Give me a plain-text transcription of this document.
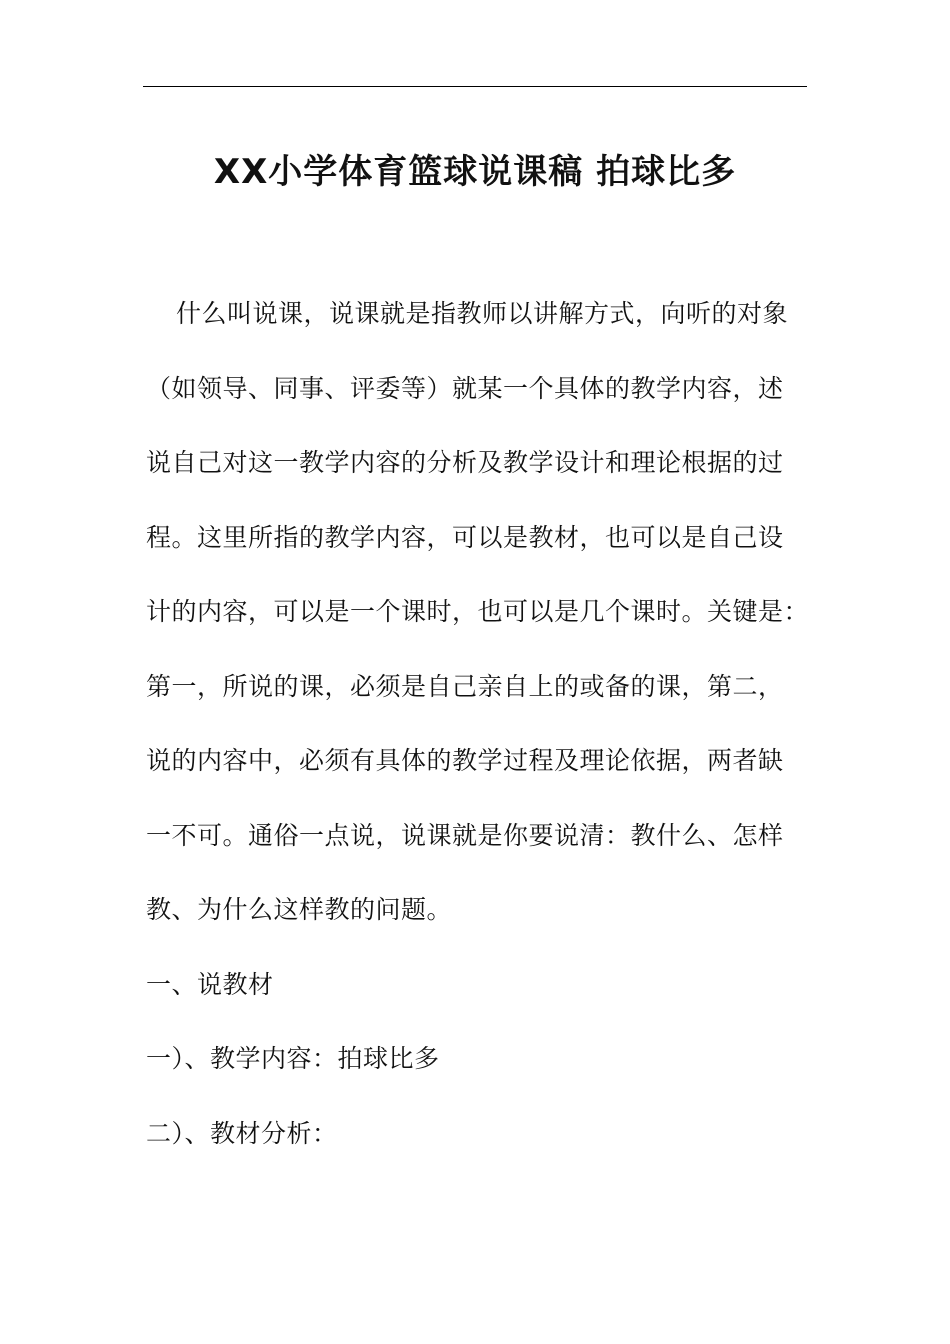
XX小学体育篮球说课稿 拍球比多
什么叫说课，说课就是指教师以讲解方式，向听的对象
（如领导、同事、评委等）就某一个具体的教学内容，述
说自己对这一教学内容的分析及教学设计和理论根据的过
程。这里所指的教学内容，可以是教材，也可以是自己设
计的内容，可以是一个课时，也可以是几个课时。关键是：
第一，所说的课，必须是自己亲自上的或备的课，第二，
说的内容中，必须有具体的教学过程及理论依据，两者缺
一不可。通俗一点说，说课就是你要说清：教什么、怎样
教、为什么这样教的问题。
一、说教材
一）、教学内容：拍球比多
二）、教材分析：
